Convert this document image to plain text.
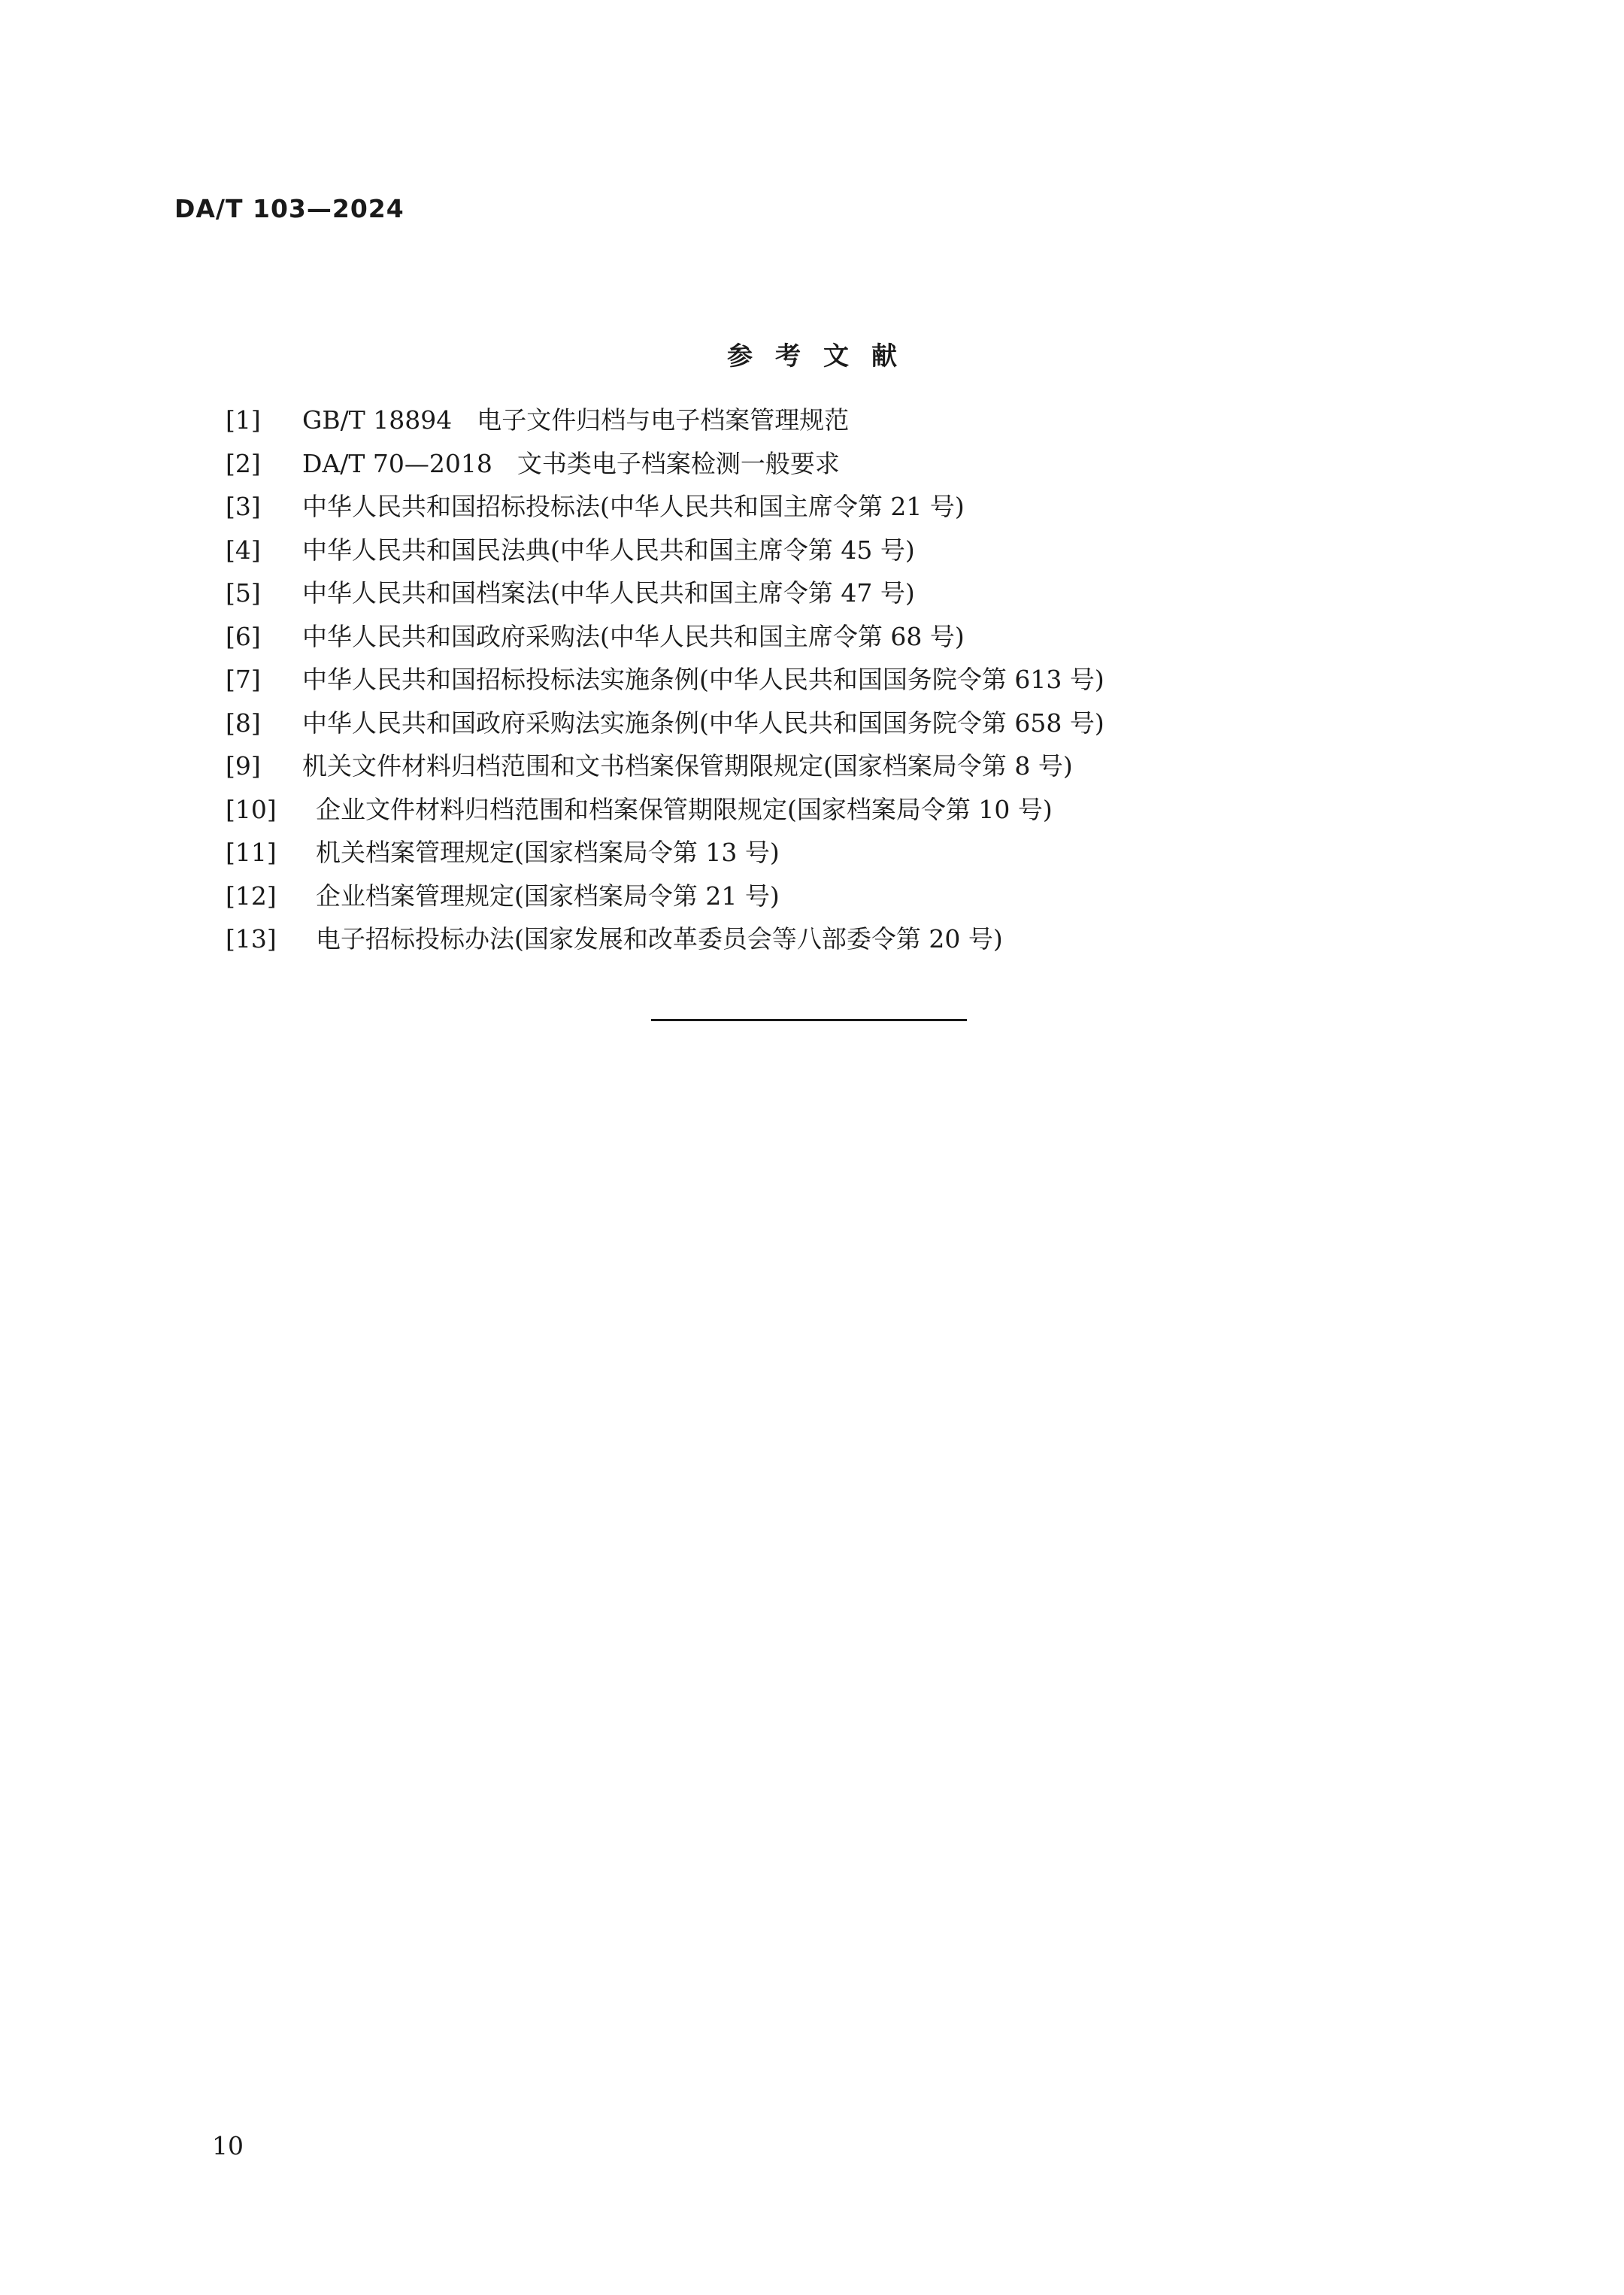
DA/T 103—2024
参考文献
[1]	GB/T 18894　电子文件归档与电子档案管理规范
[2]	DA/T 70—2018　文书类电子档案检测一般要求
[3]	中华人民共和国招标投标法(中华人民共和国主席令第 21 号)
[4]	中华人民共和国民法典(中华人民共和国主席令第 45 号)
[5]	中华人民共和国档案法(中华人民共和国主席令第 47 号)
[6]	中华人民共和国政府采购法(中华人民共和国主席令第 68 号)
[7]	中华人民共和国招标投标法实施条例(中华人民共和国国务院令第 613 号)
[8]	中华人民共和国政府采购法实施条例(中华人民共和国国务院令第 658 号)
[9]	机关文件材料归档范围和文书档案保管期限规定(国家档案局令第 8 号)
[10]	企业文件材料归档范围和档案保管期限规定(国家档案局令第 10 号)
[11]	机关档案管理规定(国家档案局令第 13 号)
[12]	企业档案管理规定(国家档案局令第 21 号)
[13]	电子招标投标办法(国家发展和改革委员会等八部委令第 20 号)
10
